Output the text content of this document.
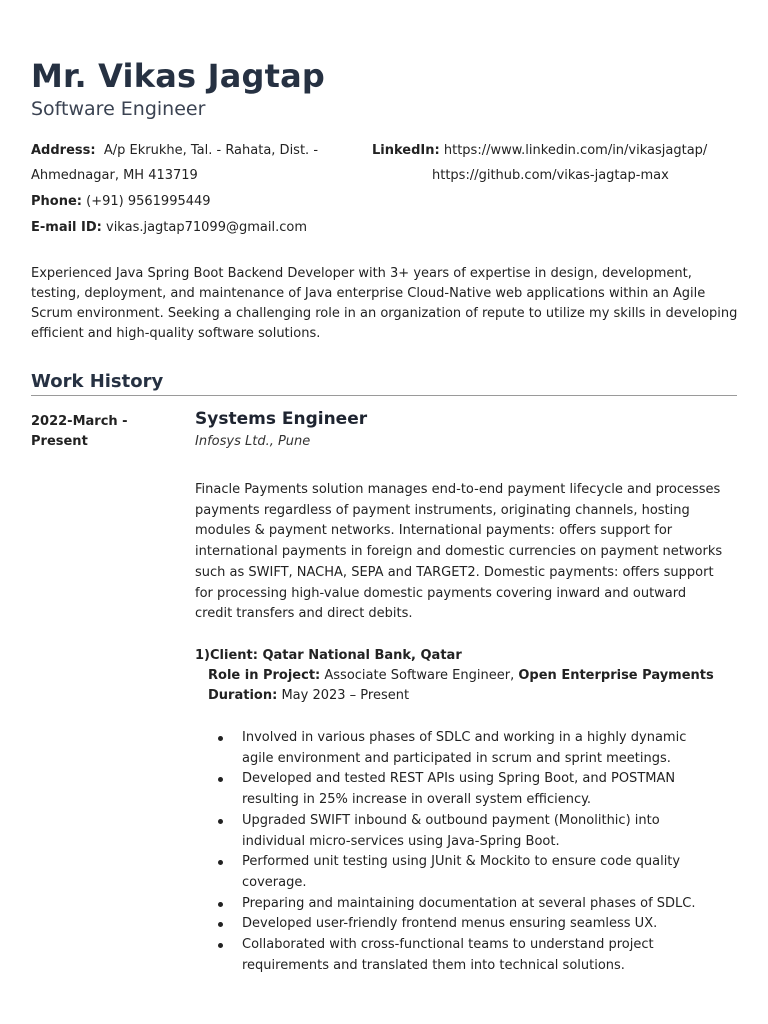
Mr. Vikas Jagtap
Software Engineer
Address: A/p Ekrukhe, Tal. - Rahata, Dist. -
Ahmednagar, MH 413719
Phone: (+91) 9561995449
E-mail ID: vikas.jagtap71099@gmail.com
LinkedIn: https://www.linkedin.com/in/vikasjagtap/
https://github.com/vikas-jagtap-max

Experienced Java Spring Boot Backend Developer with 3+ years of expertise in design, development, testing, deployment, and maintenance of Java enterprise Cloud-Native web applications within an Agile Scrum environment. Seeking a challenging role in an organization of repute to utilize my skills in developing efficient and high-quality software solutions.

Work History
2022-March -
Present
Systems Engineer
Infosys Ltd., Pune

Finacle Payments solution manages end-to-end payment lifecycle and processes payments regardless of payment instruments, originating channels, hosting modules & payment networks. International payments: offers support for international payments in foreign and domestic currencies on payment networks such as SWIFT, NACHA, SEPA and TARGET2. Domestic payments: offers support for processing high-value domestic payments covering inward and outward credit transfers and direct debits.

1)Client: Qatar National Bank, Qatar
Role in Project: Associate Software Engineer, Open Enterprise Payments
Duration: May 2023 – Present
Involved in various phases of SDLC and working in a highly dynamic agile environment and participated in scrum and sprint meetings.
Developed and tested REST APIs using Spring Boot, and POSTMAN resulting in 25% increase in overall system efficiency.
Upgraded SWIFT inbound & outbound payment (Monolithic) into individual micro-services using Java-Spring Boot.
Performed unit testing using JUnit & Mockito to ensure code quality coverage.
Preparing and maintaining documentation at several phases of SDLC.
Developed user-friendly frontend menus ensuring seamless UX.
Collaborated with cross-functional teams to understand project requirements and translated them into technical solutions.
